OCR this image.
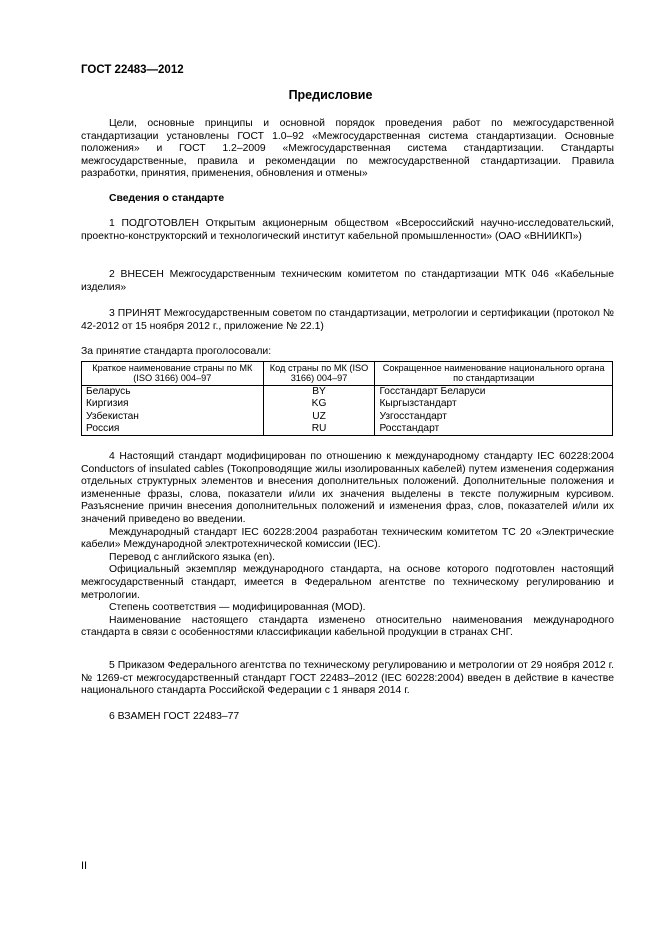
ГОСТ 22483—2012
Предисловие

Цели, основные принципы и основной порядок проведения работ по межгосударственной стандартизации установлены ГОСТ 1.0–92 «Межгосударственная система стандартизации. Основные положения» и ГОСТ 1.2–2009 «Межгосударственная система стандартизации. Стандарты межгосударственные, правила и рекомендации по межгосударственной стандартизации. Правила разработки, принятия, применения, обновления и отмены»

Сведения о стандарте

1 ПОДГОТОВЛЕН Открытым акционерным обществом «Всероссийский научно-исследовательский, проектно-конструкторский и технологический институт кабельной промышленности» (ОАО «ВНИИКП»)

2 ВНЕСЕН Межгосударственным техническим комитетом по стандартизации МТК 046 «Кабельные изделия»

3 ПРИНЯТ Межгосударственным советом по стандартизации, метрологии и сертификации (протокол № 42-2012 от 15 ноября 2012 г., приложение № 22.1)

За принятие стандарта проголосовали:
Краткое наименование страны по МК (ISO 3166) 004–97	Код страны по МК (ISO 3166) 004–97	Сокращенное наименование национального органа по стандартизации
Беларусь	BY	Госстандарт Беларуси
Киргизия	KG	Кыргызстандарт
Узбекистан	UZ	Узгосстандарт
Россия	RU	Росстандарт

4 Настоящий стандарт модифицирован по отношению к международному стандарту IEC 60228:2004 Conductors of insulated cables (Токопроводящие жилы изолированных кабелей) путем изменения содержания отдельных структурных элементов и внесения дополнительных положений. Дополнительные положения и измененные фразы, слова, показатели и/или их значения выделены в тексте полужирным курсивом. Разъяснение причин внесения дополнительных положений и изменения фраз, слов, показателей и/или их значений приведено во введении.

Международный стандарт IEC 60228:2004 разработан техническим комитетом ТС 20 «Электрические кабели» Международной электротехнической комиссии (IEC).

Перевод с английского языка (en).

Официальный экземпляр международного стандарта, на основе которого подготовлен настоящий межгосударственный стандарт, имеется в Федеральном агентстве по техническому регулированию и метрологии.

Степень соответствия — модифицированная (MOD).

Наименование настоящего стандарта изменено относительно наименования международного стандарта в связи с особенностями классификации кабельной продукции в странах СНГ.

5 Приказом Федерального агентства по техническому регулированию и метрологии от 29 ноября 2012 г. № 1269-ст межгосударственный стандарт ГОСТ 22483–2012 (IEC 60228:2004) введен в действие в качестве национального стандарта Российской Федерации с 1 января 2014 г.

6 ВЗАМЕН ГОСТ 22483–77

II
